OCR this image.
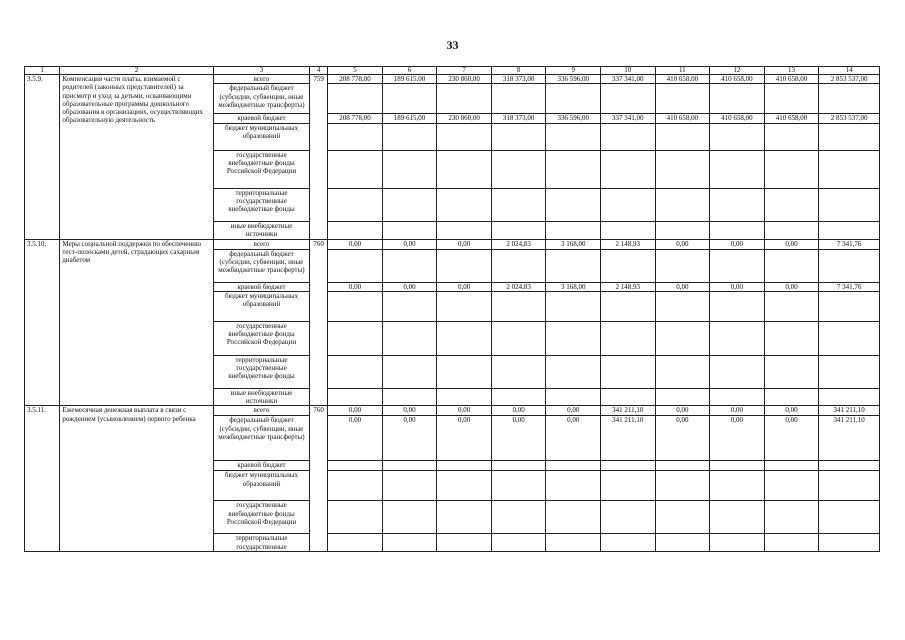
33
1	2	3	4	5	6	7	8	9	10	11	12	13	14
3.5.9.	Компенсация части платы, взимаемой с родителей (законных представителей) за присмотр и уход за детьми, осваивающими образовательные программы дошкольного образования в организациях, осуществляющих образовательную деятельность	всего	759	208 778,00	189 615,00	230 860,00	318 373,00	336 596,00	337 341,00	410 658,00	410 658,00	410 658,00	2 853 537,00
		федеральный бюджет (субсидии, субвенции, иные межбюджетные трансферты)											
		краевой бюджет		208 778,00	189 615,00	230 860,00	318 373,00	336 596,00	337 341,00	410 658,00	410 658,00	410 658,00	2 853 537,00
		бюджет муниципальных образований											
		государственные внебюджетные фонды Российской Федерации											
		территориальные государственные внебюджетные фонды											
		иные внебюджетные источники											
3.5.10.	Меры социальной поддержки по обеспечению тест-полосками детей, страдающих сахарным диабетом	всего	760	0,00	0,00	0,00	2 024,83	3 168,00	2 148,93	0,00	0,00	0,00	7 341,76
		федеральный бюджет (субсидии, субвенции, иные межбюджетные трансферты)											
		краевой бюджет		0,00	0,00	0,00	2 024,83	3 168,00	2 148,93	0,00	0,00	0,00	7 341,76
		бюджет муниципальных образований											
		государственные внебюджетные фонды Российской Федерации											
		территориальные государственные внебюджетные фонды											
		иные внебюджетные источники											
3.5.11.	Ежемесячная денежная выплата в связи с рождением (усыновлением) первого ребенка	всего	760	0,00	0,00	0,00	0,00	0,00	341 211,10	0,00	0,00	0,00	341 211,10
		федеральный бюджет (субсидии, субвенции, иные межбюджетные трансферты)		0,00	0,00	0,00	0,00	0,00	341 211,10	0,00	0,00	0,00	341 211,10
		краевой бюджет											
		бюджет муниципальных образований											
		государственные внебюджетные фонды Российской Федерации											
		территориальные государственные											
